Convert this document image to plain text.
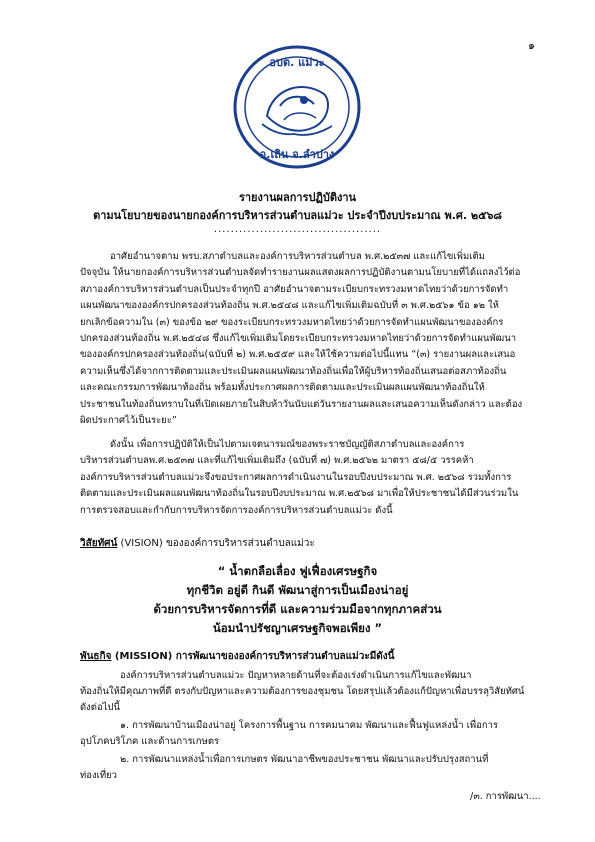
๑
อบต. แม่วะ
อ.เถิน จ.ลำปาง
รายงานผลการปฏิบัติงาน
ตามนโยบายของนายกองค์การบริหารส่วนตำบลแม่วะ ประจำปีงบประมาณ พ.ศ. ๒๕๖๘
........................................
อาศัยอำนาจตาม พรบ.สภาตำบลและองค์การบริหารส่วนตำบล พ.ศ.๒๕๓๗ และแก้ไขเพิ่มเติม
ปัจจุบัน ให้นายกองค์การบริหารส่วนตำบลจัดทำรายงานผลแสดงผลการปฏิบัติงานตามนโยบายที่ได้แถลงไว้ต่อ
สภาองค์การบริหารส่วนตำบลเป็นประจำทุกปี อาศัยอำนาจตามระเบียบกระทรวงมหาดไทยว่าด้วยการจัดทำ
แผนพัฒนาขององค์กรปกครองส่วนท้องถิ่น พ.ศ.๒๕๔๘ และแก้ไขเพิ่มเติมฉบับที่ ๓ พ.ศ.๒๕๖๑ ข้อ ๑๒ ให้
ยกเลิกข้อความใน (๓) ของข้อ ๒๙ ของระเบียบกระทรวงมหาดไทยว่าด้วยการจัดทำแผนพัฒนาขององค์กร
ปกครองส่วนท้องถิ่น พ.ศ.๒๕๔๘ ซึ่งแก้ไขเพิ่มเติมโดยระเบียบกระทรวงมหาดไทยว่าด้วยการจัดทำแผนพัฒนา
ขององค์กรปกครองส่วนท้องถิ่น(ฉบับที่ ๒) พ.ศ.๒๕๕๙ และให้ใช้ความต่อไปนี้แทน “(๓) รายงานผลและเสนอ
ความเห็นซึ่งได้จากการติดตามและประเมินผลแผนพัฒนาท้องถิ่นเพื่อให้ผู้บริหารท้องถิ่นเสนอต่อสภาท้องถิ่น
และคณะกรรมการพัฒนาท้องถิ่น พร้อมทั้งประกาศผลการติดตามและประเมินผลแผนพัฒนาท้องถิ่นให้
ประชาชนในท้องถิ่นทราบในที่เปิดเผยภายในสิบห้าวันนับแต่วันรายงานผลและเสนอความเห็นดังกล่าว และต้อง
ผิดประกาศไว้เป็นระยะ”
ดังนั้น เพื่อการปฏิบัติให้เป็นไปตามเจตนารมณ์ของพระราชบัญญัติสภาตำบลและองค์การ
บริหารส่วนตำบลพ.ศ.๒๕๓๗ และที่แก้ไขเพิ่มเติมถึง (ฉบับที่ ๗) พ.ศ.๒๕๖๒ มาตรา ๕๘/๕ วรรคห้า
องค์การบริหารส่วนตำบลแม่วะจึงขอประกาศผลการดำเนินงานในรอบปีงบประมาณ พ.ศ. ๒๕๖๘ รวมทั้งการ
ติดตามและประเมินผลแผนพัฒนาท้องถิ่นในรอบปีงบประมาณ พ.ศ.๒๕๖๘ มาเพื่อให้ประชาชนได้มีส่วนร่วมใน
การตรวจสอบและกำกับการบริหารจัดการองค์การบริหารส่วนตำบลแม่วะ ดังนี้
วิสัยทัศน์ (VISION) ขององค์การบริหารส่วนตำบลแม่วะ
“ น้ำตกลือเลื่อง ฟูเฟื่องเศรษฐกิจ
ทุกชีวิต อยู่ดี กินดี พัฒนาสู่การเป็นเมืองน่าอยู่
ด้วยการบริหารจัดการที่ดี และความร่วมมือจากทุกภาคส่วน
น้อมนำปรัชญาเศรษฐกิจพอเพียง ”
พันธกิจ (MISSION) การพัฒนาขององค์การบริหารส่วนตำบลแม่วะมีดังนี้
องค์การบริหารส่วนตำบลแม่วะ ปัญหาหลายด้านที่จะต้องเร่งดำเนินการแก้ไขและพัฒนา
ท้องถิ่นให้มีคุณภาพที่ดี ตรงกับปัญหาและความต้องการของชุมชน โดยสรุปแล้วต้องแก้ปัญหาเพื่อบรรลุวิสัยทัศน์
ดังต่อไปนี้
๑. การพัฒนาบ้านเมืองน่าอยู่ โครงการพื้นฐาน การคมนาคม พัฒนาและฟื้นฟูแหล่งน้ำ เพื่อการ
อุปโภคบริโภค และด้านการเกษตร
๒. การพัฒนาแหล่งน้ำเพื่อการเกษตร พัฒนาอาชีพของประชาชน พัฒนาและปรับปรุงสถานที่
ท่องเที่ยว
/๓. การพัฒนา....
